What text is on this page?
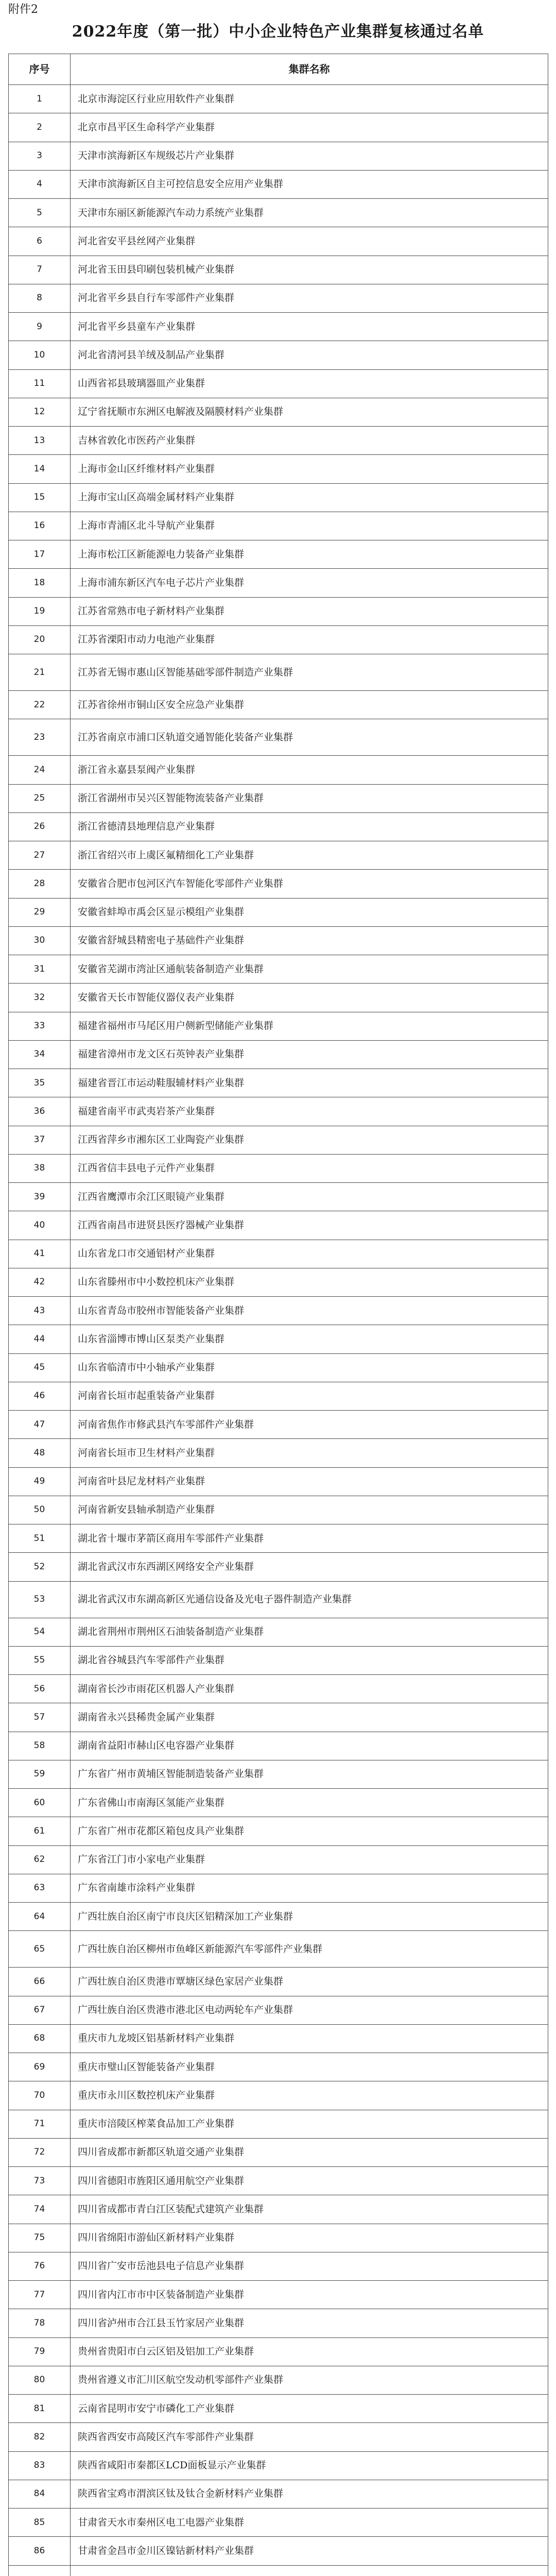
附件2
2022年度（第一批）中小企业特色产业集群复核通过名单
序号	集群名称
1	北京市海淀区行业应用软件产业集群
2	北京市昌平区生命科学产业集群
3	天津市滨海新区车规级芯片产业集群
4	天津市滨海新区自主可控信息安全应用产业集群
5	天津市东丽区新能源汽车动力系统产业集群
6	河北省安平县丝网产业集群
7	河北省玉田县印刷包装机械产业集群
8	河北省平乡县自行车零部件产业集群
9	河北省平乡县童车产业集群
10	河北省清河县羊绒及制品产业集群
11	山西省祁县玻璃器皿产业集群
12	辽宁省抚顺市东洲区电解液及隔膜材料产业集群
13	吉林省敦化市医药产业集群
14	上海市金山区纤维材料产业集群
15	上海市宝山区高端金属材料产业集群
16	上海市青浦区北斗导航产业集群
17	上海市松江区新能源电力装备产业集群
18	上海市浦东新区汽车电子芯片产业集群
19	江苏省常熟市电子新材料产业集群
20	江苏省溧阳市动力电池产业集群
21	江苏省无锡市惠山区智能基础零部件制造产业集群
22	江苏省徐州市铜山区安全应急产业集群
23	江苏省南京市浦口区轨道交通智能化装备产业集群
24	浙江省永嘉县泵阀产业集群
25	浙江省湖州市吴兴区智能物流装备产业集群
26	浙江省德清县地理信息产业集群
27	浙江省绍兴市上虞区氟精细化工产业集群
28	安徽省合肥市包河区汽车智能化零部件产业集群
29	安徽省蚌埠市禹会区显示模组产业集群
30	安徽省舒城县精密电子基础件产业集群
31	安徽省芜湖市湾沚区通航装备制造产业集群
32	安徽省天长市智能仪器仪表产业集群
33	福建省福州市马尾区用户侧新型储能产业集群
34	福建省漳州市龙文区石英钟表产业集群
35	福建省晋江市运动鞋服辅材料产业集群
36	福建省南平市武夷岩茶产业集群
37	江西省萍乡市湘东区工业陶瓷产业集群
38	江西省信丰县电子元件产业集群
39	江西省鹰潭市余江区眼镜产业集群
40	江西省南昌市进贤县医疗器械产业集群
41	山东省龙口市交通铝材产业集群
42	山东省滕州市中小数控机床产业集群
43	山东省青岛市胶州市智能装备产业集群
44	山东省淄博市博山区泵类产业集群
45	山东省临清市中小轴承产业集群
46	河南省长垣市起重装备产业集群
47	河南省焦作市修武县汽车零部件产业集群
48	河南省长垣市卫生材料产业集群
49	河南省叶县尼龙材料产业集群
50	河南省新安县轴承制造产业集群
51	湖北省十堰市茅箭区商用车零部件产业集群
52	湖北省武汉市东西湖区网络安全产业集群
53	湖北省武汉市东湖高新区光通信设备及光电子器件制造产业集群
54	湖北省荆州市荆州区石油装备制造产业集群
55	湖北省谷城县汽车零部件产业集群
56	湖南省长沙市雨花区机器人产业集群
57	湖南省永兴县稀贵金属产业集群
58	湖南省益阳市赫山区电容器产业集群
59	广东省广州市黄埔区智能制造装备产业集群
60	广东省佛山市南海区氢能产业集群
61	广东省广州市花都区箱包皮具产业集群
62	广东省江门市小家电产业集群
63	广东省南雄市涂料产业集群
64	广西壮族自治区南宁市良庆区铝精深加工产业集群
65	广西壮族自治区柳州市鱼峰区新能源汽车零部件产业集群
66	广西壮族自治区贵港市覃塘区绿色家居产业集群
67	广西壮族自治区贵港市港北区电动两轮车产业集群
68	重庆市九龙坡区铝基新材料产业集群
69	重庆市璧山区智能装备产业集群
70	重庆市永川区数控机床产业集群
71	重庆市涪陵区榨菜食品加工产业集群
72	四川省成都市新都区轨道交通产业集群
73	四川省德阳市旌阳区通用航空产业集群
74	四川省成都市青白江区装配式建筑产业集群
75	四川省绵阳市游仙区新材料产业集群
76	四川省广安市岳池县电子信息产业集群
77	四川省内江市市中区装备制造产业集群
78	四川省泸州市合江县玉竹家居产业集群
79	贵州省贵阳市白云区铝及铝加工产业集群
80	贵州省遵义市汇川区航空发动机零部件产业集群
81	云南省昆明市安宁市磷化工产业集群
82	陕西省西安市高陵区汽车零部件产业集群
83	陕西省咸阳市秦都区LCD面板显示产业集群
84	陕西省宝鸡市渭滨区钛及钛合金新材料产业集群
85	甘肃省天水市秦州区电工电器产业集群
86	甘肃省金昌市金川区镍钴新材料产业集群
